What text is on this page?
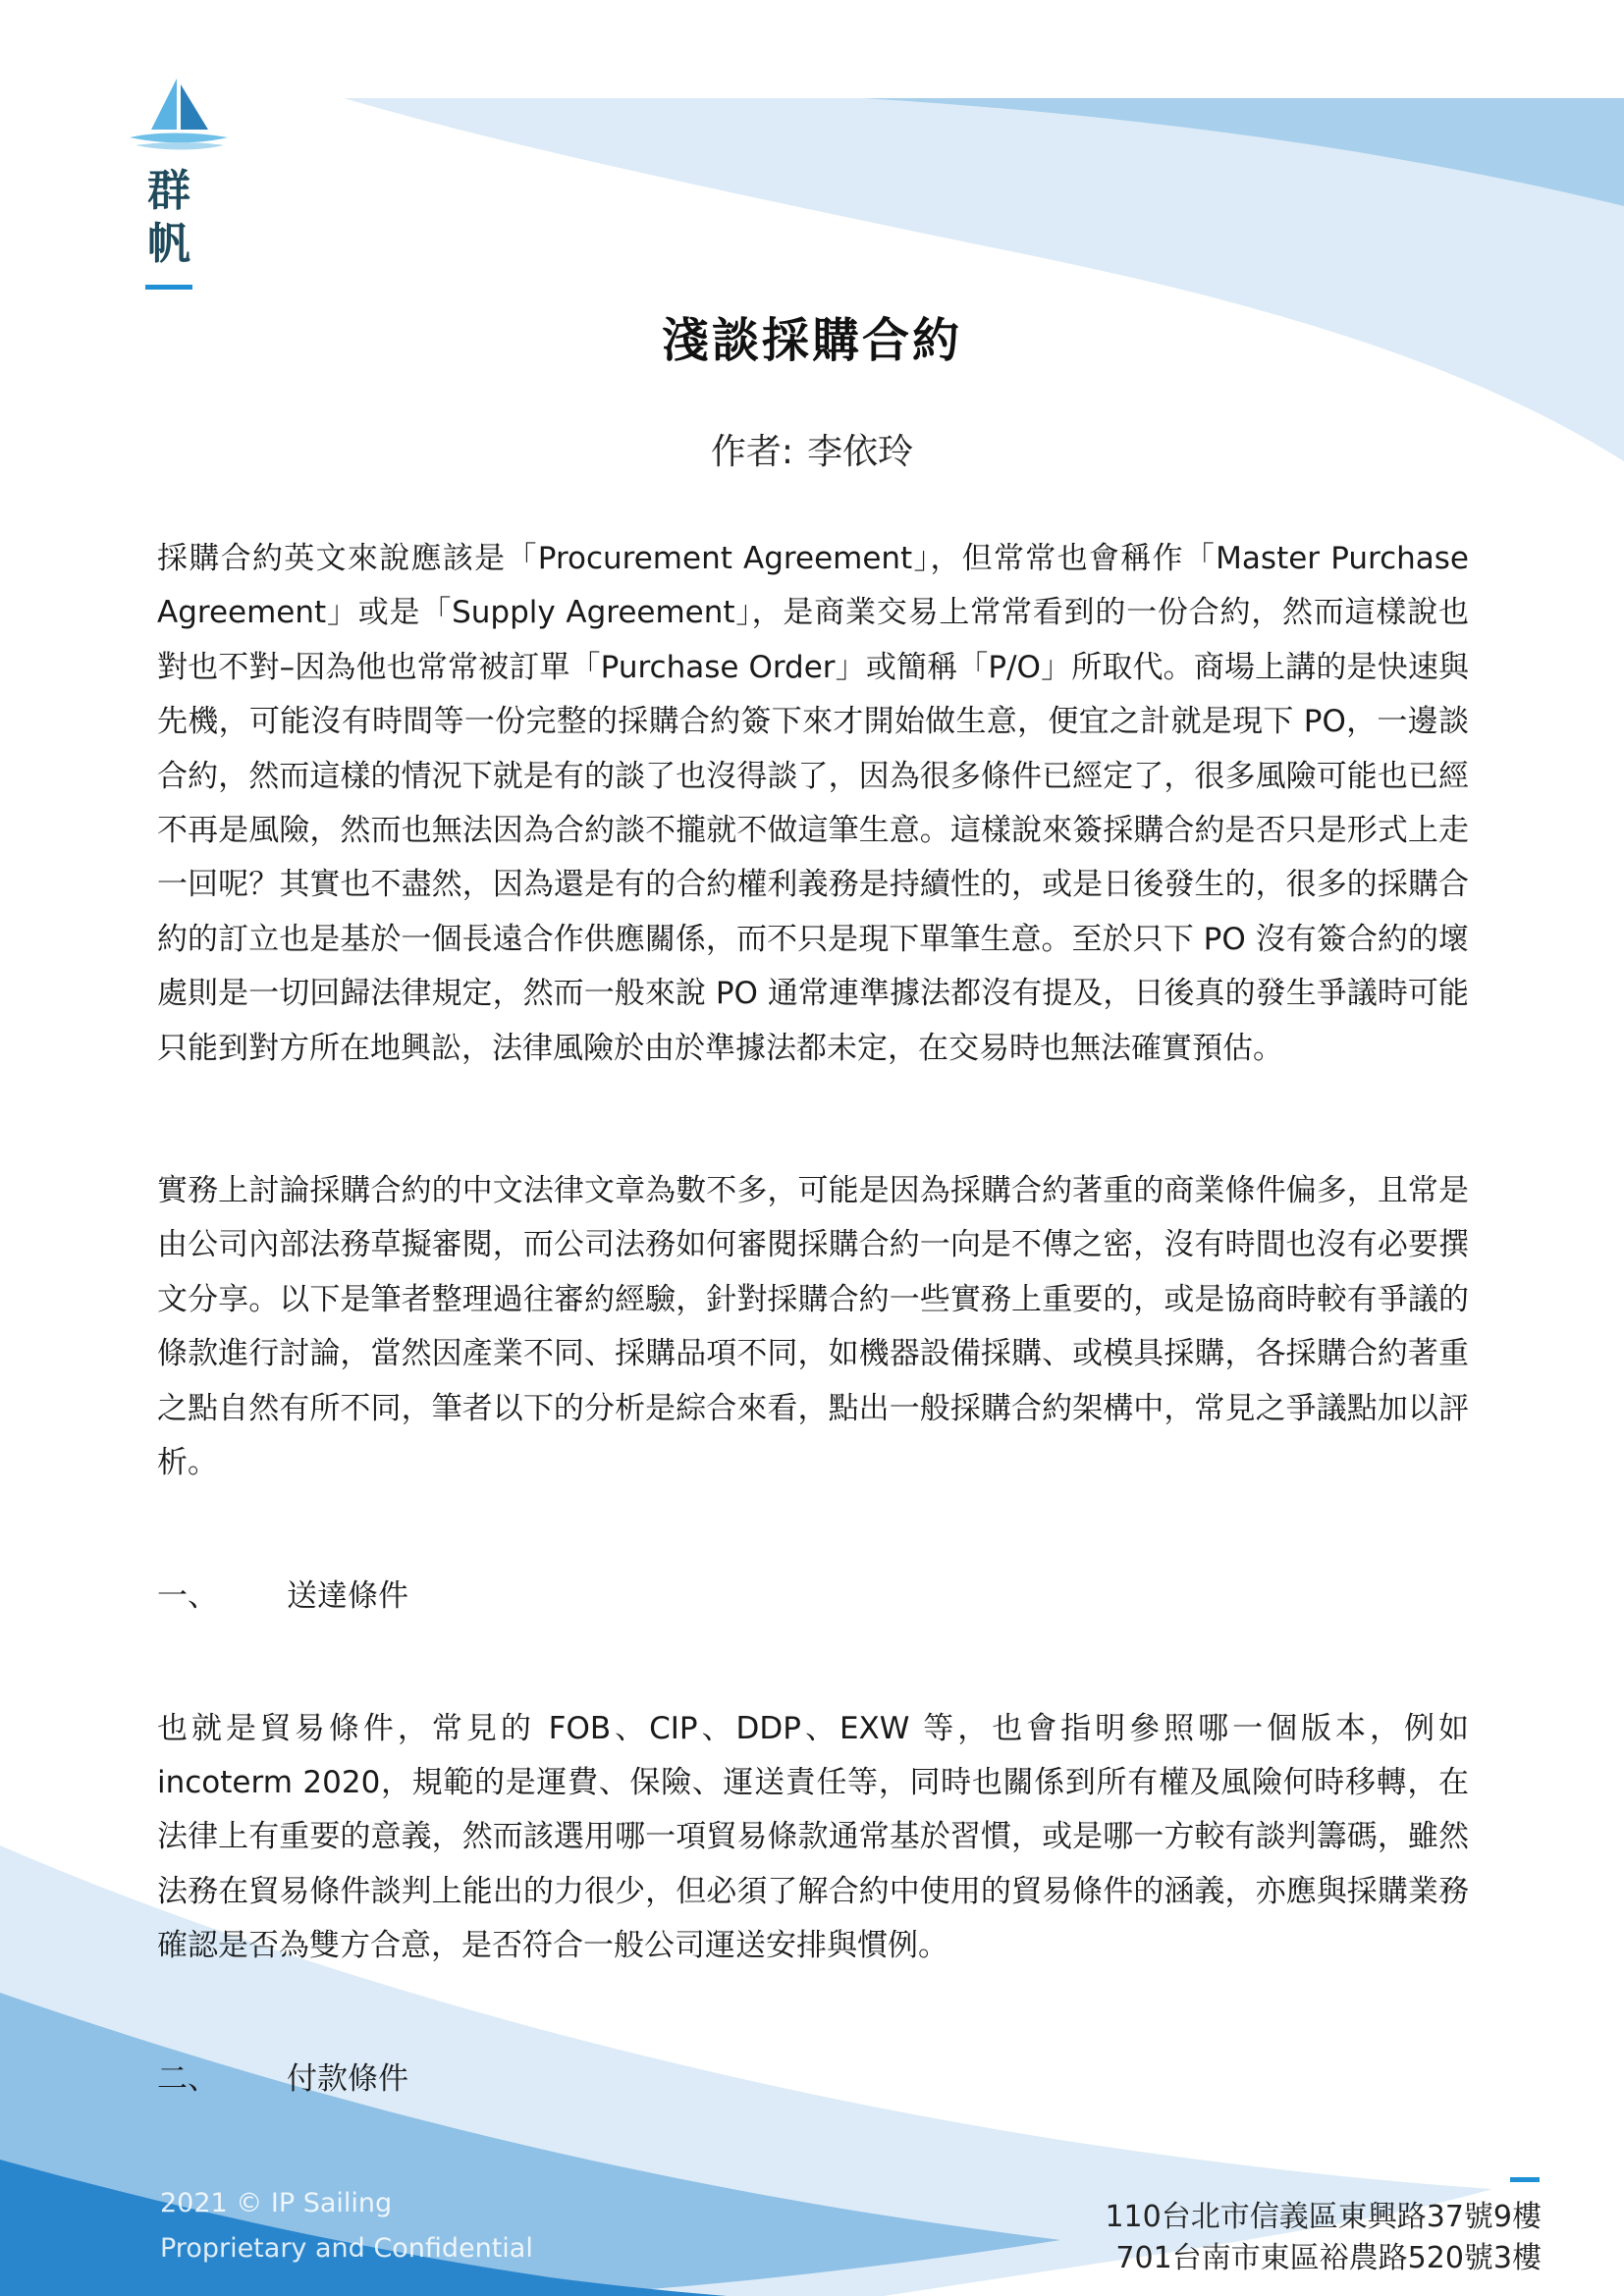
群帆
淺談採購合約
作者: 李依玲

採購合約英文來說應該是「Procurement Agreement」，但常常也會稱作「Master Purchase Agreement」或是「Supply Agreement」，是商業交易上常常看到的一份合約，然而這樣說也對也不對–因為他也常常被訂單「Purchase Order」或簡稱「P/O」所取代。商場上講的是快速與先機，可能沒有時間等一份完整的採購合約簽下來才開始做生意，便宜之計就是現下 PO，一邊談合約，然而這樣的情況下就是有的談了也沒得談了，因為很多條件已經定了，很多風險可能也已經不再是風險，然而也無法因為合約談不攏就不做這筆生意。這樣說來簽採購合約是否只是形式上走一回呢？其實也不盡然，因為還是有的合約權利義務是持續性的，或是日後發生的，很多的採購合約的訂立也是基於一個長遠合作供應關係，而不只是現下單筆生意。至於只下 PO 沒有簽合約的壞處則是一切回歸法律規定，然而一般來說 PO 通常連準據法都沒有提及，日後真的發生爭議時可能只能到對方所在地興訟，法律風險於由於準據法都未定，在交易時也無法確實預估。

實務上討論採購合約的中文法律文章為數不多，可能是因為採購合約著重的商業條件偏多，且常是由公司內部法務草擬審閱，而公司法務如何審閱採購合約一向是不傳之密，沒有時間也沒有必要撰文分享。以下是筆者整理過往審約經驗，針對採購合約一些實務上重要的，或是協商時較有爭議的條款進行討論，當然因產業不同、採購品項不同，如機器設備採購、或模具採購，各採購合約著重之點自然有所不同，筆者以下的分析是綜合來看，點出一般採購合約架構中，常見之爭議點加以評析。

一、	送達條件

也就是貿易條件，常見的 FOB、CIP、DDP、EXW 等，也會指明參照哪一個版本，例如 incoterm 2020，規範的是運費、保險、運送責任等，同時也關係到所有權及風險何時移轉，在法律上有重要的意義，然而該選用哪一項貿易條款通常基於習慣，或是哪一方較有談判籌碼，雖然法務在貿易條件談判上能出的力很少，但必須了解合約中使用的貿易條件的涵義，亦應與採購業務確認是否為雙方合意，是否符合一般公司運送安排與慣例。

二、	付款條件
2021 © IP Sailing
Proprietary and Confidential
110台北市信義區東興路37號9樓
701台南市東區裕農路520號3樓
